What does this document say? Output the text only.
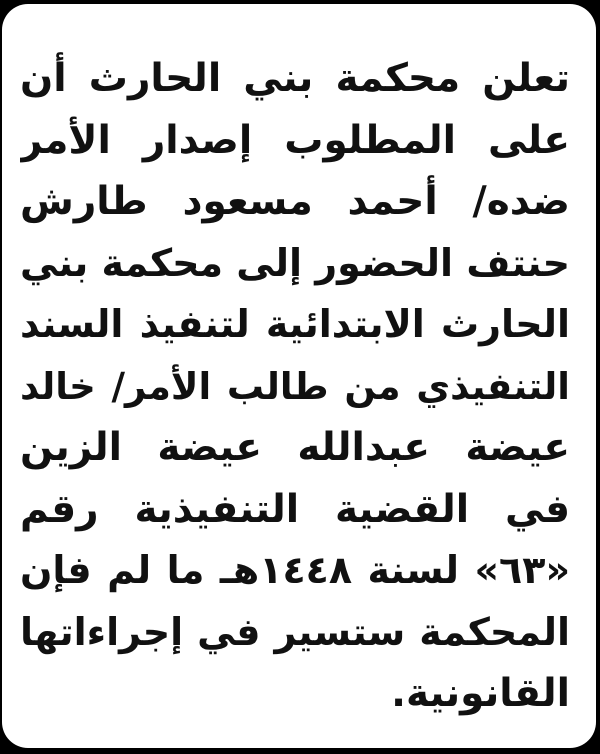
تعلن محكمة بني الحارث أن
على المطلوب إصدار الأمر
ضده/ أحمد مسعود طارش
حنتف الحضور إلى محكمة بني
الحارث الابتدائية لتنفيذ السند
التنفيذي من طالب الأمر/ خالد
عيضة عبدالله عيضة الزين
في القضية التنفيذية رقم
«٦٣» لسنة ١٤٤٨هـ ما لم فإن
المحكمة ستسير في إجراءاتها
القانونية.
